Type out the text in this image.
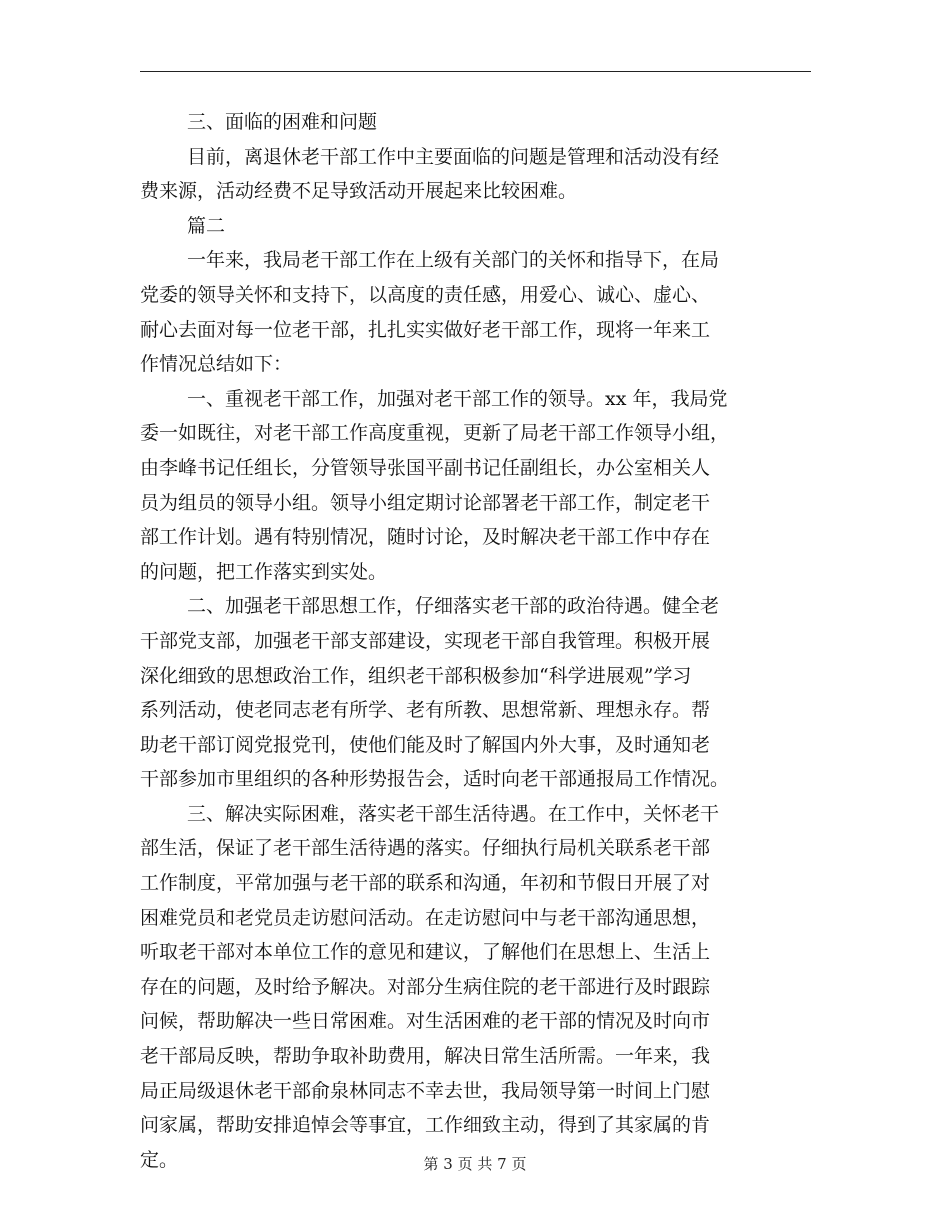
三、面临的困难和问题
目前，离退休老干部工作中主要面临的问题是管理和活动没有经
费来源，活动经费不足导致活动开展起来比较困难。
篇二
一年来，我局老干部工作在上级有关部门的关怀和指导下，在局
党委的领导关怀和支持下，以高度的责任感，用爱心、诚心、虚心、
耐心去面对每一位老干部，扎扎实实做好老干部工作，现将一年来工
作情况总结如下：
一、重视老干部工作，加强对老干部工作的领导。xx 年，我局党
委一如既往，对老干部工作高度重视，更新了局老干部工作领导小组，
由李峰书记任组长，分管领导张国平副书记任副组长，办公室相关人
员为组员的领导小组。领导小组定期讨论部署老干部工作，制定老干
部工作计划。遇有特别情况，随时讨论，及时解决老干部工作中存在
的问题，把工作落实到实处。
二、加强老干部思想工作，仔细落实老干部的政治待遇。健全老
干部党支部，加强老干部支部建设，实现老干部自我管理。积极开展
深化细致的思想政治工作，组织老干部积极参加“科学进展观”学习
系列活动，使老同志老有所学、老有所教、思想常新、理想永存。帮
助老干部订阅党报党刊，使他们能及时了解国内外大事，及时通知老
干部参加市里组织的各种形势报告会，适时向老干部通报局工作情况。
三、解决实际困难，落实老干部生活待遇。在工作中，关怀老干
部生活，保证了老干部生活待遇的落实。仔细执行局机关联系老干部
工作制度，平常加强与老干部的联系和沟通，年初和节假日开展了对
困难党员和老党员走访慰问活动。在走访慰问中与老干部沟通思想，
听取老干部对本单位工作的意见和建议，了解他们在思想上、生活上
存在的问题，及时给予解决。对部分生病住院的老干部进行及时跟踪
问候，帮助解决一些日常困难。对生活困难的老干部的情况及时向市
老干部局反映，帮助争取补助费用，解决日常生活所需。一年来，我
局正局级退休老干部俞泉林同志不幸去世，我局领导第一时间上门慰
问家属，帮助安排追悼会等事宜，工作细致主动，得到了其家属的肯
定。	第 3 页 共 7 页
